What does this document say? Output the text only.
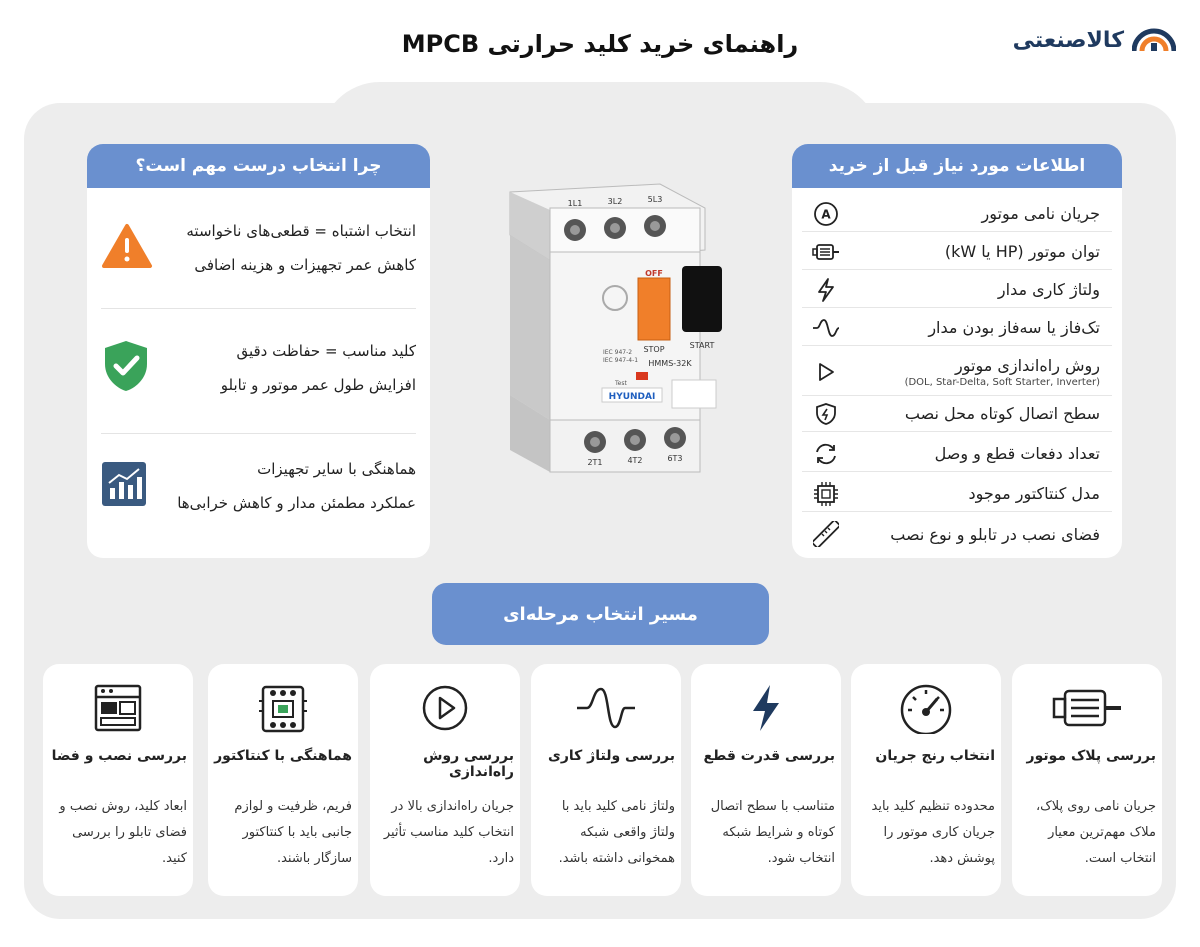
راهنمای خرید کلید حرارتی MPCB	کالاصنعتی
اطلاعات مورد نیاز قبل از خرید
A	جریان نامی موتور
توان موتور (HP یا kW)
ولتاژ کاری مدار
تک‌فاز یا سه‌فاز بودن مدار
روش راه‌اندازی موتور
(DOL, Star-Delta, Soft Starter, Inverter)
سطح اتصال کوتاه محل نصب
تعداد دفعات قطع و وصل
مدل کنتاکتور موجود
فضای نصب در تابلو و نوع نصب
چرا انتخاب درست مهم است؟
انتخاب اشتباه = قطعی‌های ناخواسته
کاهش عمر تجهیزات و هزینه اضافی
کلید مناسب = حفاظت دقیق
افزایش طول عمر موتور و تابلو
هماهنگی با سایر تجهیزات
عملکرد مطمئن مدار و کاهش خرابی‌ها
1L1	3L2	5L3
OFF
STOP	START
IEC 947-2
IEC 947-4-1 HMMS-32K
Test
HYUNDAI
2T1	4T2	6T3
مسیر انتخاب مرحله‌ای
بررسی پلاک موتور
جریان نامی روی پلاک، ملاک مهم‌ترین معیار انتخاب است.
انتخاب رنج جریان
محدوده تنظیم کلید باید جریان کاری موتور را پوشش دهد.
بررسی قدرت قطع
متناسب با سطح اتصال کوتاه و شرایط شبکه انتخاب شود.
بررسی ولتاژ کاری
ولتاژ نامی کلید باید با ولتاژ واقعی شبکه همخوانی داشته باشد.
بررسی روش راه‌اندازی
جریان راه‌اندازی بالا در انتخاب کلید مناسب تأثیر دارد.
هماهنگی با کنتاکتور
فریم، ظرفیت و لوازم جانبی باید با کنتاکتور سازگار باشند.
بررسی نصب و فضا
ابعاد کلید، روش نصب و فضای تابلو را بررسی کنید.
